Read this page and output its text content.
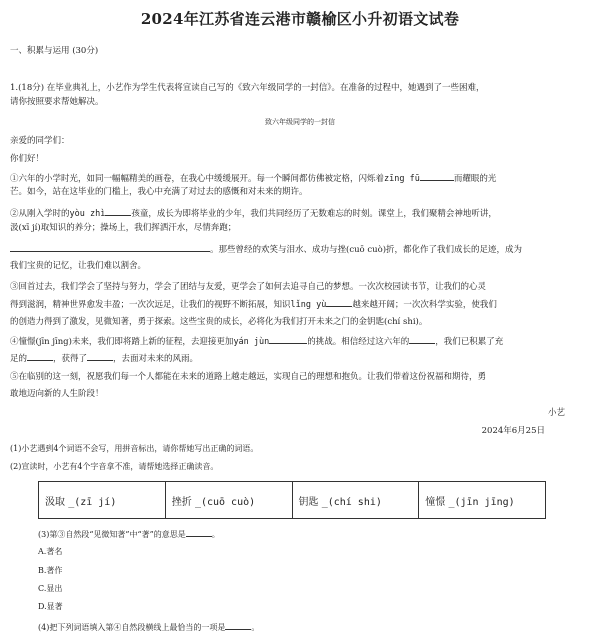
2024年江苏省连云港市赣榆区小升初语文试卷
一、积累与运用 (30分)
1.(18分) 在毕业典礼上，小艺作为学生代表将宣读自己写的《致六年级同学的一封信》。在准备的过程中，她遇到了一些困难，
请你按照要求帮她解决。
致六年级同学的一封信
亲爱的同学们：
你们好！
①六年的小学时光，如同一幅幅精美的画卷，在我心中缓缓展开。每一个瞬间都仿佛被定格，闪烁着zīng fū	而耀眼的光
芒。如今，站在这毕业的门槛上，我心中充满了对过去的感慨和对未来的期许。
②从刚入学时的yòu zhì	孩童，成长为即将毕业的少年，我们共同经历了无数难忘的时刻。课堂上，我们聚精会神地听讲，
汲(xī jí)取知识的养分；操场上，我们挥洒汗水，尽情奔跑；
。那些曾经的欢笑与泪水、成功与挫(cuō cuò)折，都化作了我们成长的足迹，成为
我们宝贵的记忆，让我们难以割舍。
③回首过去，我们学会了坚持与努力，学会了团结与友爱，更学会了如何去追寻自己的梦想。一次次校园读书节，让我们的心灵
得到滋润，精神世界愈发丰盈；一次次远足，让我们的视野不断拓展，知识lǐng yù	越来越开阔；一次次科学实验，使我们
的创造力得到了激发，见微知著，勇于探索。这些宝贵的成长，必将化为我们打开未来之门的金钥匙(chí shi)。
④憧憬(jīn jīng)未来，我们即将踏上新的征程，去迎接更加yán jùn	的挑战。相信经过这六年的	，我们已积累了充
足的	，获得了	，去面对未来的风雨。
⑤在临别的这一刻，祝愿我们每一个人都能在未来的道路上越走越远，实现自己的理想和抱负。让我们带着这份祝福和期待，勇
敢地迈向新的人生阶段！
小艺
2024年6月25日
(1)小艺遇到4个词语不会写，用拼音标出，请你帮她写出正确的词语。
(2)宣读时，小艺有4个字音拿不准，请帮她选择正确读音。
汲取 _(zī jí)	挫折 _(cuō cuò)	钥匙 _(chí shi)	憧憬 _(jīn jīng)
(3)第③自然段“见微知著”中“著”的意思是	。
A.著名
B.著作
C.显出
D.显著
(4)把下列词语填入第④自然段横线上最恰当的一项是	。
